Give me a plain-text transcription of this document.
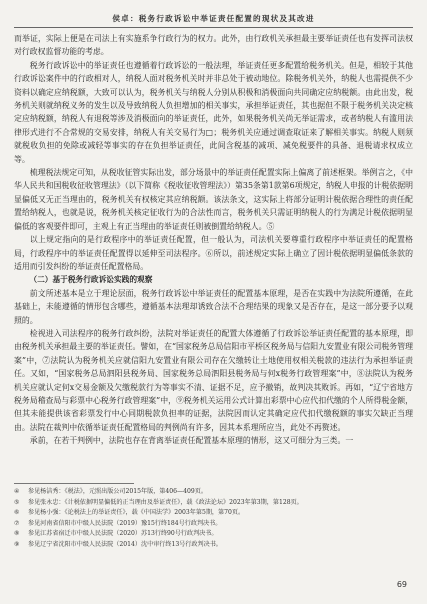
侯卓：税务行政诉讼中举证责任配置的现状及其改进

而举证，实际上便是在司法上有实施系争行政行为的权力。此外，由行政机关承担最主要举证责任也有发挥司法权对行政权监督功能的考虑。

税务行政诉讼中的举证责任也遵循着行政诉讼的一般法理，举证责任更多配置给税务机关。但是，相较于其他行政诉讼案件中的行政相对人，纳税人面对税务机关时并非总处于被动地位。除税务机关外，纳税人也需提供不少资料以确定应纳税额，大致可以认为，税务机关与纳税人分别从积极和消极面向共同确定应纳税额。由此出发，税务机关则就纳税义务的发生以及导致纳税人负担增加的相关事实，承担举证责任，其也据但不限于税务机关决定核定应纳税额，纳税人有退税等涉及消极面向的举证责任，此外，如果税务机关尚无举证需求，或者纳税人有滥用法律形式进行不合常规的交易安排，纳税人有关交易行为□；税务机关应通过调查取证来了解相关事实。纳税人则须就税收负担的免除或减轻等事实的存在负担举证责任，此间含税基的减项、减免税要件的具备、退税请求权成立等。

梳理税法规定可知，从税收征管实际出发，部分场景中的举证责任配置实际上偏离了前述框架。举例言之，《中华人民共和国税收征收管理法》（以下简称《税收征收管理法》）第35条第1款第6项规定，纳税人申报的计税依据明显偏低又无正当理由的，税务机关有权核定其应纳税额。该法条文，这实际上将部分证明计税依据合理性的责任配置给纳税人，也就是说，税务机关核定征收行为的合法性而言，税务机关只需证明纳税人的行为满足计税依据明显偏低的客观要件即可，主观上有正当理由的举证责任则被倒置给纳税人。⑤

以上规定指向的是行政程序中的举证责任配置，但一般认为，司法机关要尊重行政程序中举证责任的配置格局，行政程序中的举证责任配置得以延伸至司法程序。⑥所以，前述规定实际上确立了因计税依据明显偏低条款的适用而引发纠纷的举证责任配置格局。

（二）基于税务行政诉讼实践的观察

前文所述基本是立于理论层面，税务行政诉讼中举证责任的配置基本原理，是否在实践中为法院所遵循，在此基础上，未能遵循的情形包含哪些，遵循基本法理却诱致合法不合理结果的现象又是否存在，是这一部分要予以观照的。

检视进入司法程序的税务行政纠纷，法院对举证责任的配置大体遵循了行政诉讼举证责任配置的基本原理，即由税务机关承担最主要的举证责任。譬如，在“国家税务总局信阳市平桥区税务局与信阳九安置业有限公司税务管理案”中，⑦法院认为税务机关应就信阳九安置业有限公司存在欠缴转让土地使用权相关税款的违法行为承担举证责任。又如，“国家税务总局泗阳县税务局、国家税务总局泗阳县税务局与何x税务行政管理案”中，⑧法院认为税务机关应就认定何x交易金额及欠缴税款行为等事实不清、证据不足，应予撤销，故判决其败诉。再如，“辽宁省地方税务局稽查局与彩票中心税务行政管理案”中，⑨税务机关运用公式计算出彩票中心应代扣代缴的个人所得税金额，但其未能提供该省彩票发行中心同期税款负担率的证据，法院因而认定其确定应代扣代缴税额的事实欠缺正当理由。法院在裁判中依循举证责任配置格局的判例尚有许多，因其本系理所应当，此处不再赘述。

承前，在若干判例中，法院也存在背离举证责任配置基本原理的情形，这又可细分为三类。一

④	参见杨洁秀：《税法》，元照出版公司2015年版，第406—409页。
⑤	参见张永忠：《计税依据明显偏低的正当理由及举证责任》，载《政法论坛》2023年第3期，第128页。
⑥	参见杨小强：《论税法上的举证责任》，载《中国法学》2003年第5期，第70页。
⑦	参见河南省信阳市中级人民法院（2019）豫15行终184号行政判决书。
⑧	参见江苏省宿迁市中级人民法院（2020）苏13行终90号行政判决书。
⑨	参见辽宁省沈阳市中级人民法院（2014）沈中审行终13号行政判决书。
69
